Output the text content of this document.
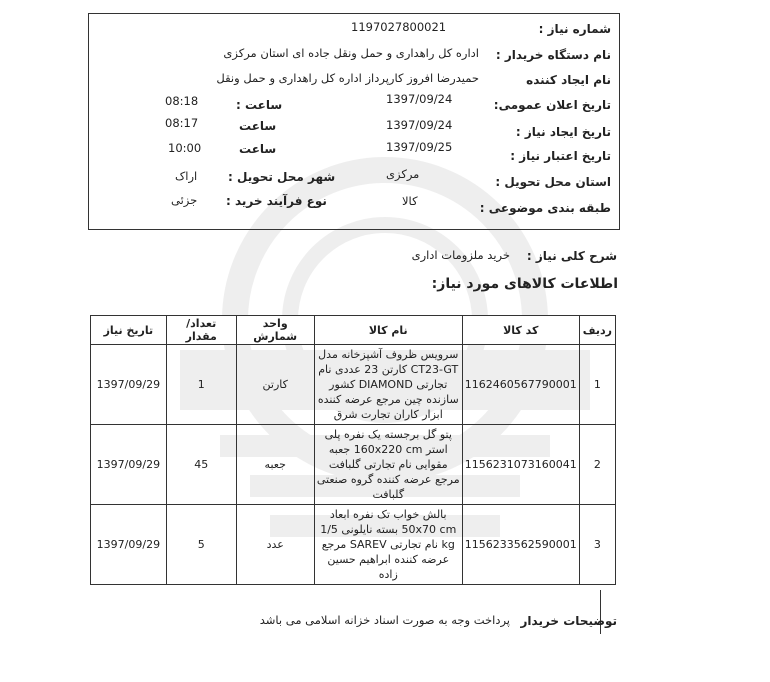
شماره نیاز :
1197027800021
نام دستگاه خریدار :
اداره کل راهداری و حمل ونقل جاده ای استان مرکزی
نام ایجاد کننده
حمیدرضا افروز کارپرداز اداره کل راهداری و حمل ونقل
تاریخ اعلان عمومی:
1397/09/24
ساعت :
08:18
تاریخ ایجاد نیاز :
1397/09/24
ساعت
08:17
تاریخ اعتبار نیاز :
1397/09/25
ساعت
10:00
استان محل تحویل :
مرکزی
شهر محل تحویل :
اراک
طبقه بندی موضوعی :
کالا
نوع فرآیند خرید :
جزئی
شرح کلی نیاز :
خرید ملزومات اداری
اطلاعات کالاهای مورد نیاز:
تاریخ نیاز	تعداد/ مقدار	واحد شمارش	نام کالا	کد کالا	ردیف
1397/09/29	1	کارتن	سرویس ظروف آشپزخانه مدل CT23-GT کارتن 23 عددی نام تجارتی DIAMOND کشور سازنده چین مرجع عرضه کننده ابزار کاران تجارت شرق	1162460567790001	1
1397/09/29	45	جعبه	پتو گل برجسته یک نفره پلی استر 160x220 cm جعبه مقوایی نام تجارتی گلبافت مرجع عرضه کننده گروه صنعتی گلبافت	1156231073160041	2
1397/09/29	5	عدد	بالش خواب تک نفره ابعاد 50x70 cm بسته نایلونی 1/5 kg نام تجارتی SAREV مرجع عرضه کننده ابراهیم حسین زاده	1156233562590001	3
توضیحات خریدار
پرداخت وجه به صورت اسناد خزانه اسلامی می باشد
